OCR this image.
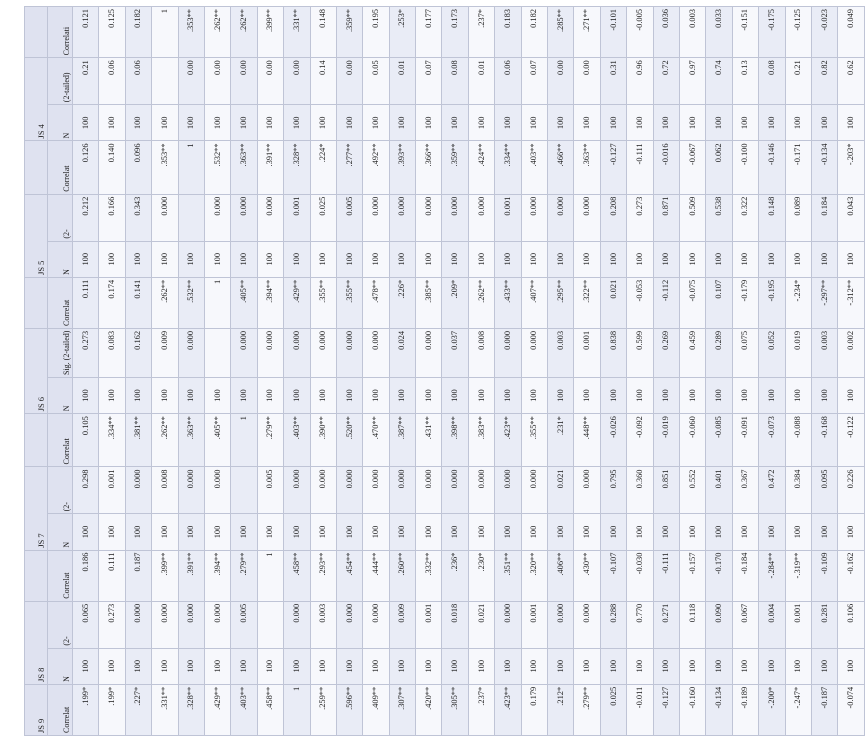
JS 9	JS 8			JS 7			JS 6			JS 5			JS 4		
Correlat	N	(2-	Correlat	N	(2-	Correlat	N	Sig. (2-tailed)	Correlat	N	(2-	Correlat	N	(2-tailed)	Correlati
.199*	100	0.065	0.186	100	0.298	0.105	100	0.273	0.111	100	0.212	0.126	100	0.21	0.121
.199*	100	0.273	0.111	100	0.001	.334**	100	0.083	0.174	100	0.166	0.140	100	0.06	0.125
.227*	100	0.000	0.187	100	0.000	.381**	100	0.162	0.141	100	0.343	0.096	100	0.06	0.182
.331**	100	0.000	.399**	100	0.008	.262**	100	0.009	.262**	100	0.000	.353**	100		1
.328**	100	0.000	.391**	100	0.000	.363**	100	0.000	.532**	100		1	100	0.00	.353**
.429**	100	0.000	.394**	100	0.000	.405**	100		1	100	0.000	.532**	100	0.00	.262**
.403**	100	0.005	.279**	100		1	100	0.000	.405**	100	0.000	.363**	100	0.00	.262**
.458**	100		1	100	0.005	.279**	100	0.000	.394**	100	0.000	.391**	100	0.00	.399**
1	100	0.000	.458**	100	0.000	.403**	100	0.000	.429**	100	0.001	.328**	100	0.00	.331**
.259**	100	0.003	.293**	100	0.000	.390**	100	0.000	.355**	100	0.025	.224*	100	0.14	0.148
.596**	100	0.000	.454**	100	0.000	.520**	100	0.000	.355**	100	0.005	.277**	100	0.00	.359**
.409**	100	0.000	.444**	100	0.000	.470**	100	0.000	.478**	100	0.000	.492**	100	0.05	0.195
.307**	100	0.009	.260**	100	0.000	.387**	100	0.024	.226*	100	0.000	.393**	100	0.01	.253*
.420**	100	0.001	.332**	100	0.000	.431**	100	0.000	.385**	100	0.000	.366**	100	0.07	0.177
.305**	100	0.018	.236*	100	0.000	.398**	100	0.037	.209*	100	0.000	.359**	100	0.08	0.173
.237*	100	0.021	.230*	100	0.000	.383**	100	0.008	.262**	100	0.000	.424**	100	0.01	.237*
.423**	100	0.000	.351**	100	0.000	.423**	100	0.000	.433**	100	0.001	.334**	100	0.06	0.183
0.179	100	0.001	.320**	100	0.000	.355**	100	0.000	.407**	100	0.000	.403**	100	0.07	0.182
.212*	100	0.000	.406**	100	0.021	.231*	100	0.003	.295**	100	0.000	.466**	100	0.00	.285**
.279**	100	0.000	.430**	100	0.000	.448**	100	0.001	.322**	100	0.000	.363**	100	0.00	.271**
0.025	100	0.288	-0.107	100	0.795	-0.026	100	0.838	0.021	100	0.208	-0.127	100	0.31	-0.101
-0.011	100	0.770	-0.030	100	0.360	-0.092	100	0.599	-0.053	100	0.273	-0.111	100	0.96	-0.005
-0.127	100	0.271	-0.111	100	0.851	-0.019	100	0.269	-0.112	100	0.871	-0.016	100	0.72	0.036
-0.160	100	0.118	-0.157	100	0.552	-0.060	100	0.459	-0.075	100	0.509	-0.067	100	0.97	0.003
-0.134	100	0.090	-0.170	100	0.401	-0.085	100	0.289	0.107	100	0.538	0.062	100	0.74	0.033
-0.189	100	0.067	-0.184	100	0.367	-0.091	100	0.075	-0.179	100	0.322	-0.100	100	0.13	-0.151
-.200*	100	0.004	-.284**	100	0.472	-0.073	100	0.052	-0.195	100	0.148	-0.146	100	0.08	-0.175
-.247*	100	0.001	-.319**	100	0.384	-0.088	100	0.019	-.234*	100	0.089	-0.171	100	0.21	-0.125
-0.187	100	0.281	-0.109	100	0.095	-0.168	100	0.003	-.297**	100	0.184	-0.134	100	0.82	-0.023
-0.074	100	0.106	-0.162	100	0.226	-0.122	100	0.002	-.312**	100	0.043	-.203*	100	0.62	0.049
